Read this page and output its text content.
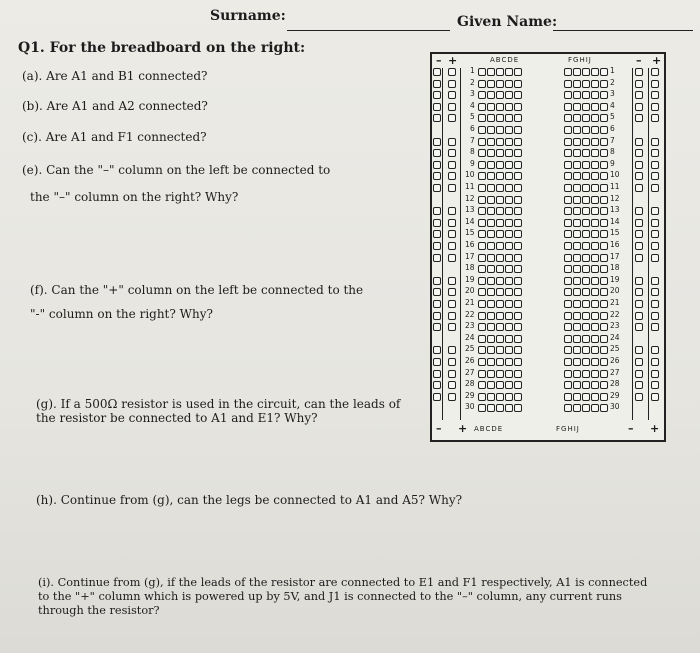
Surname:	Given Name:
Q1. For the breadboard on the right:
(a). Are A1 and B1 connected?
(b). Are A1 and A2 connected?
(c). Are A1 and F1 connected?
(e). Can the "–" column on the left be connected to
the "–" column on the right? Why?
(f). Can the "+" column on the left be connected to the
"-" column on the right? Why?
(g). If a 500Ω resistor is used in the circuit, can the leads of
the resistor be connected to A1 and E1? Why?
(h). Continue from (g), can the legs be connected to A1 and A5? Why?
(i). Continue from (g), if the leads of the resistor are connected to E1 and F1 respectively, A1 is connected
to the "+" column which is powered up by 5V, and J1 is connected to the "–" column, any current runs
through the resistor?
– +	– +
ABCDE	FGHIJ
– + ABCDE	FGHIJ	– +
1	1
2	2
3	3
4	4
5	5
6	6
7	7
8	8
9	9
10	10
11	11
12	12
13	13
14	14
15	15
16	16
17	17
18	18
19	19
20	20
21	21
22	22
23	23
24	24
25	25
26	26
27	27
28	28
29	29
30	30
